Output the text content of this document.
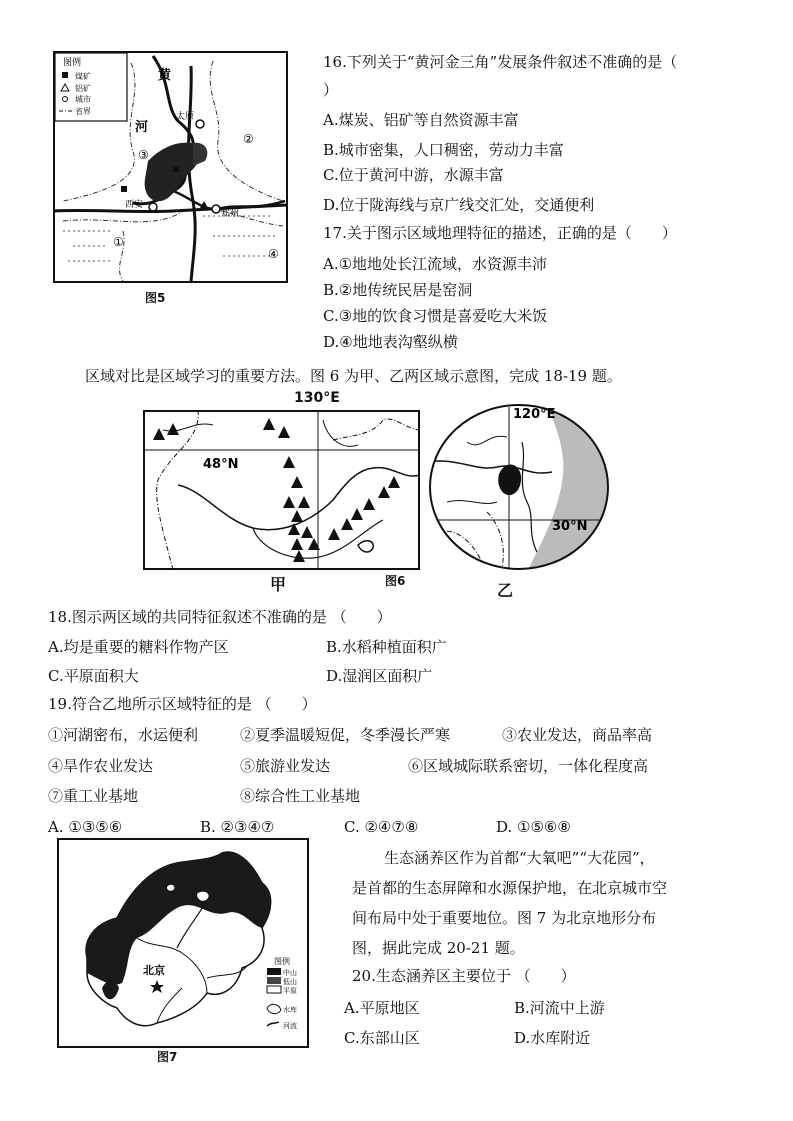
图例
煤矿
铝矿
城市
省界
太原
西安
郑州
黄
河
③
②
①
④
图5
16.下列关于“黄河金三角”发展条件叙述不准确的是（
）
A.煤炭、铝矿等自然资源丰富
B.城市密集，人口稠密，劳动力丰富
C.位于黄河中游，水源丰富
D.位于陇海线与京广线交汇处，交通便利
17.关于图示区域地理特征的描述，正确的是（　　）
A.①地地处长江流域，水资源丰沛
B.②地传统民居是窑洞
C.③地的饮食习惯是喜爱吃大米饭
D.④地地表沟壑纵横
区域对比是区域学习的重要方法。图 6 为甲、乙两区域示意图，完成 18-19 题。
130°E
48°N
甲	图6
120°E
30°N
乙
18.图示两区域的共同特征叙述不准确的是 （　　）
A.均是重要的糖料作物产区	B.水稻种植面积广
C.平原面积大	D.湿润区面积广
19.符合乙地所示区域特征的是 （　　）
①河湖密布，水运便利	②夏季温暖短促，冬季漫长严寒	③农业发达，商品率高
④旱作农业发达	⑤旅游业发达	⑥区域城际联系密切，一体化程度高
⑦重工业基地	⑧综合性工业基地
A. ①③⑤⑥	B. ②③④⑦	C. ②④⑦⑧	D. ①⑤⑥⑧
北京
图例
中山
低山
平原
水库
河流
图7
生态涵养区作为首都“大氧吧”“大花园”，
是首都的生态屏障和水源保护地，在北京城市空
间布局中处于重要地位。图 7 为北京地形分布
图，据此完成 20-21 题。
20.生态涵养区主要位于 （　　）
A.平原地区	B.河流中上游
C.东部山区	D.水库附近
